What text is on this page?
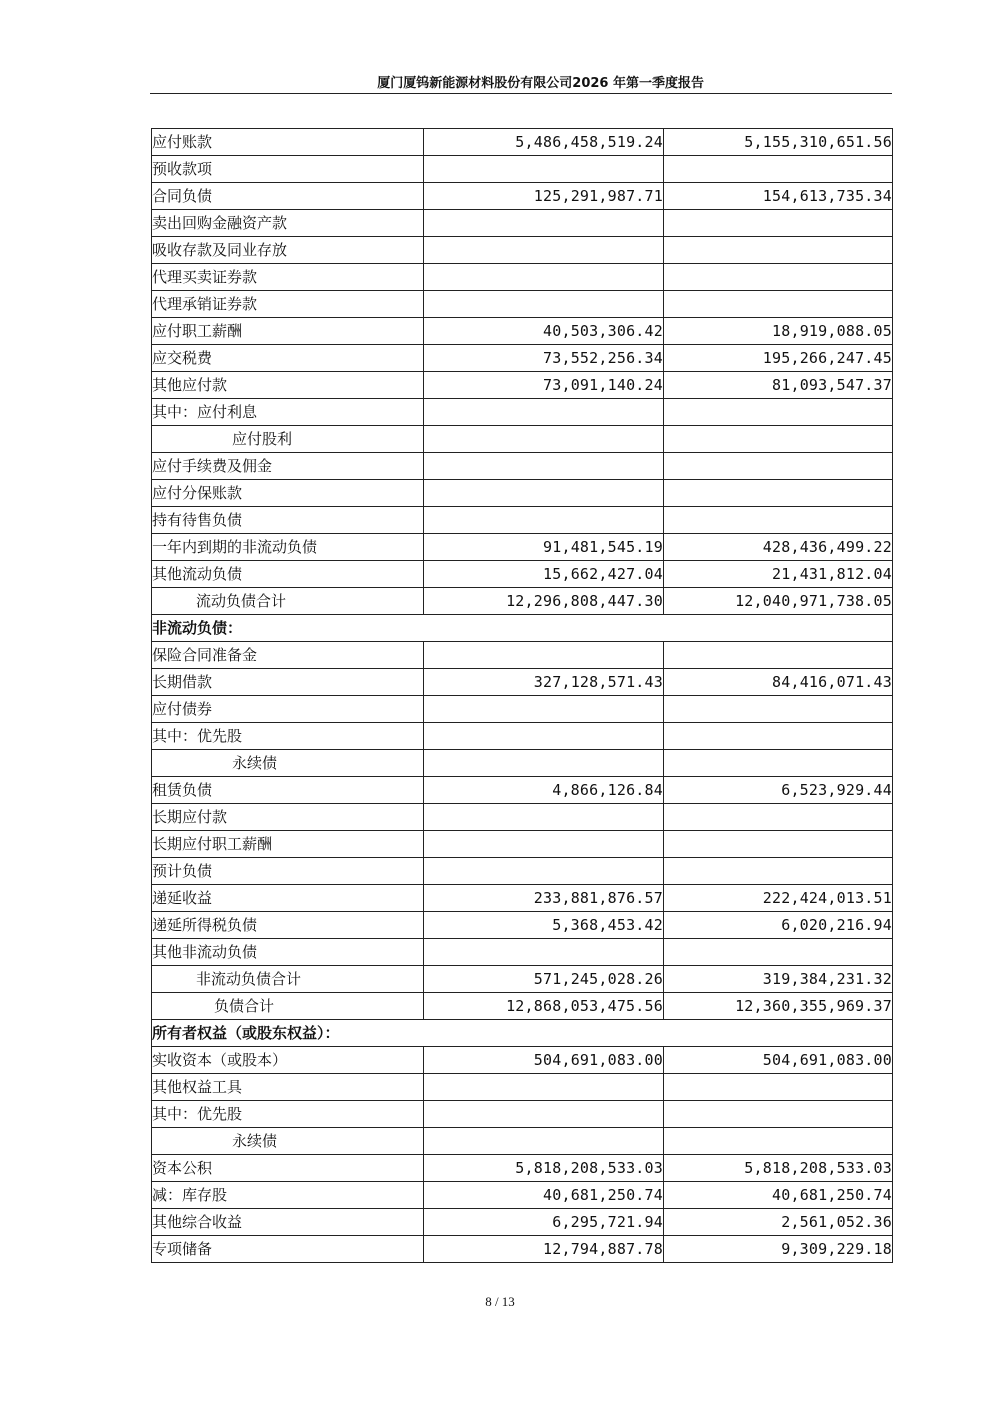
厦门厦钨新能源材料股份有限公司2026 年第一季度报告
应付账款	5,486,458,519.24	5,155,310,651.56
预收款项		
合同负债	125,291,987.71	154,613,735.34
卖出回购金融资产款		
吸收存款及同业存放		
代理买卖证券款		
代理承销证券款		
应付职工薪酬	40,503,306.42	18,919,088.05
应交税费	73,552,256.34	195,266,247.45
其他应付款	73,091,140.24	81,093,547.37
其中：应付利息		
应付股利		
应付手续费及佣金		
应付分保账款		
持有待售负债		
一年内到期的非流动负债	91,481,545.19	428,436,499.22
其他流动负债	15,662,427.04	21,431,812.04
流动负债合计	12,296,808,447.30	12,040,971,738.05
非流动负债：		
保险合同准备金		
长期借款	327,128,571.43	84,416,071.43
应付债券		
其中：优先股		
永续债		
租赁负债	4,866,126.84	6,523,929.44
长期应付款		
长期应付职工薪酬		
预计负债		
递延收益	233,881,876.57	222,424,013.51
递延所得税负债	5,368,453.42	6,020,216.94
其他非流动负债		
非流动负债合计	571,245,028.26	319,384,231.32
负债合计	12,868,053,475.56	12,360,355,969.37
所有者权益（或股东权益）：		
实收资本（或股本）	504,691,083.00	504,691,083.00
其他权益工具		
其中：优先股		
永续债		
资本公积	5,818,208,533.03	5,818,208,533.03
减：库存股	40,681,250.74	40,681,250.74
其他综合收益	6,295,721.94	2,561,052.36
专项储备	12,794,887.78	9,309,229.18
8 / 13
